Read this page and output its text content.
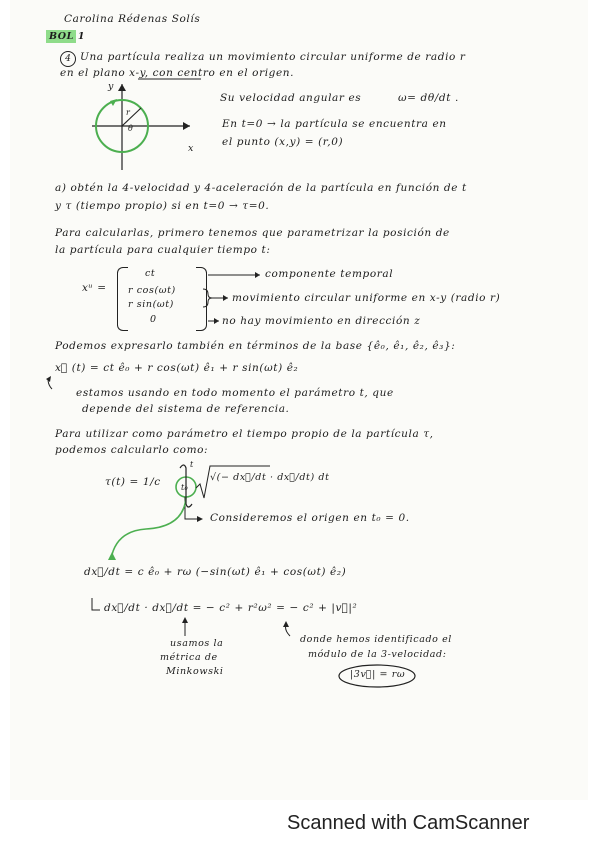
Carolina Rédenas Solís
BOL 1
4 Una partícula realiza un movimiento circular uniforme de radio r
en el plano x-y, con centro en el origen.
y
x
r
θ
Su velocidad angular es	ω= dθ/dt .
En t=0 → la partícula se encuentra en
el punto (x,y) = (r,0)
a) obtén la 4-velocidad y 4-aceleración de la partícula en función de t
y τ (tiempo propio) si en t=0 → τ=0.
Para calcularlas, primero tenemos que parametrizar la posición de
la partícula para cualquier tiempo t:
xᵘ =
ct
r cos(ωt)
r sin(ωt)
0
componente temporal
movimiento circular uniforme en x-y (radio r)
no hay movimiento en dirección z
Podemos expresarlo también en términos de la base {ê₀, ê₁, ê₂, ê₃}:
x⃗ (t) = ct ê₀ + r cos(ωt) ê₁ + r sin(ωt) ê₂
estamos usando en todo momento el parámetro t, que
depende del sistema de referencia.
Para utilizar como parámetro el tiempo propio de la partícula τ,
podemos calcularlo como:
τ(t) = 1/c
t
t₀
√(− dx⃗/dt · dx⃗/dt) dt
Consideremos el origen en t₀ = 0.
dx⃗/dt = c ê₀ + rω (−sin(ωt) ê₁ + cos(ωt) ê₂)
dx⃗/dt · dx⃗/dt = − c² + r²ω² = − c² + |v⃗|²
usamos la
métrica de
Minkowski
donde hemos identificado el
módulo de la 3-velocidad:
|3v⃗| = rω
Scanned with CamScanner
